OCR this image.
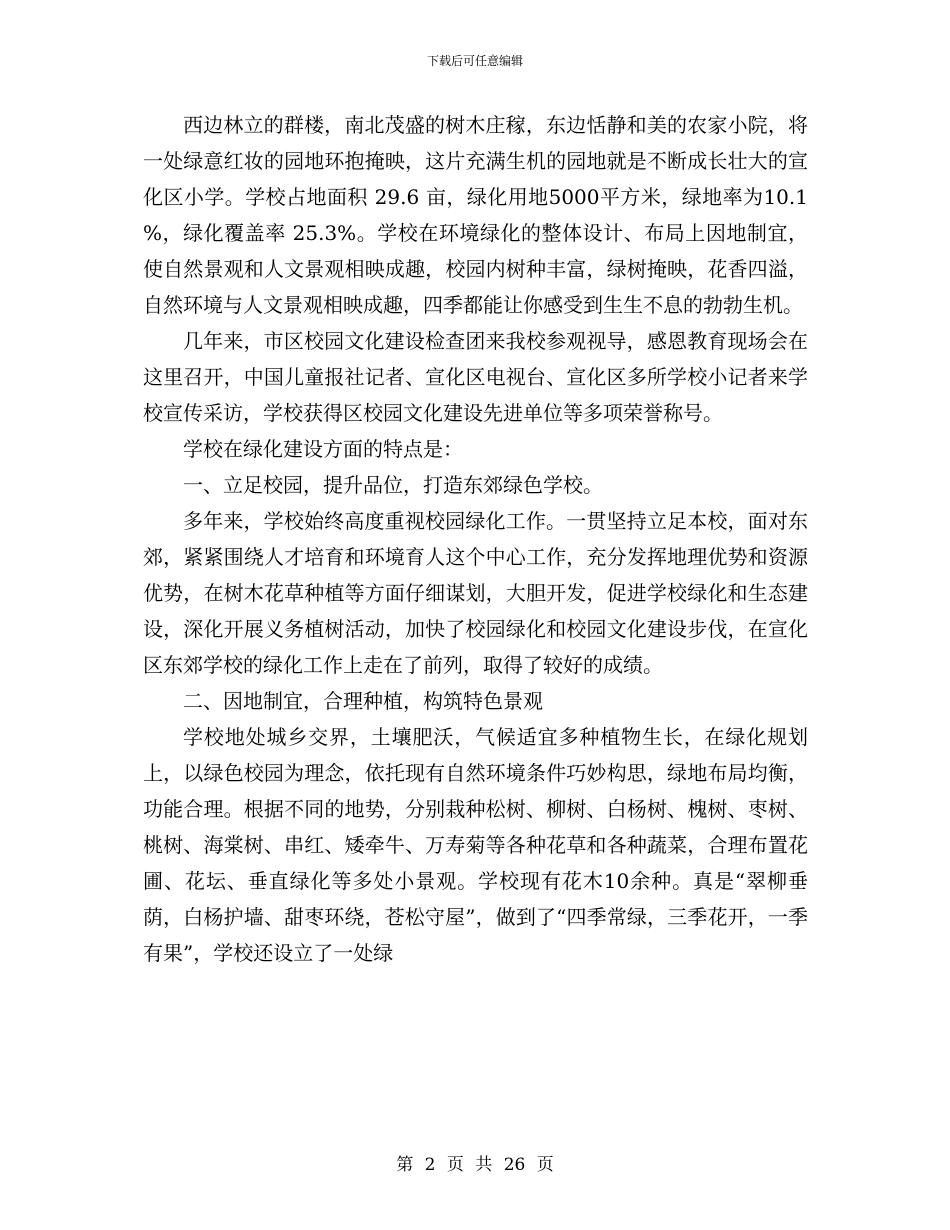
下载后可任意编辑

西边林立的群楼，南北茂盛的树木庄稼，东边恬静和美的农家小院，将一处绿意红妆的园地环抱掩映，这片充满生机的园地就是不断成长壮大的宣化区小学。学校占地面积 29.6 亩，绿化用地5000平方米，绿地率为10.1 %，绿化覆盖率 25.3%。学校在环境绿化的整体设计、布局上因地制宜，使自然景观和人文景观相映成趣，校园内树种丰富，绿树掩映，花香四溢，自然环境与人文景观相映成趣，四季都能让你感受到生生不息的勃勃生机。

几年来，市区校园文化建设检查团来我校参观视导，感恩教育现场会在这里召开，中国儿童报社记者、宣化区电视台、宣化区多所学校小记者来学校宣传采访，学校获得区校园文化建设先进单位等多项荣誉称号。

学校在绿化建设方面的特点是：

一、立足校园，提升品位，打造东郊绿色学校。

多年来，学校始终高度重视校园绿化工作。一贯坚持立足本校，面对东郊，紧紧围绕人才培育和环境育人这个中心工作，充分发挥地理优势和资源优势，在树木花草种植等方面仔细谋划，大胆开发，促进学校绿化和生态建设，深化开展义务植树活动，加快了校园绿化和校园文化建设步伐，在宣化区东郊学校的绿化工作上走在了前列，取得了较好的成绩。

二、因地制宜，合理种植，构筑特色景观

学校地处城乡交界，土壤肥沃，气候适宜多种植物生长，在绿化规划上，以绿色校园为理念，依托现有自然环境条件巧妙构思，绿地布局均衡，功能合理。根据不同的地势，分别栽种松树、柳树、白杨树、槐树、枣树、桃树、海棠树、串红、矮牵牛、万寿菊等各种花草和各种蔬菜，合理布置花圃、花坛、垂直绿化等多处小景观。学校现有花木10余种。真是“翠柳垂荫，白杨护墙、甜枣环绕，苍松守屋”，做到了“四季常绿，三季花开，一季有果”，学校还设立了一处绿

第 2 页 共 26 页
